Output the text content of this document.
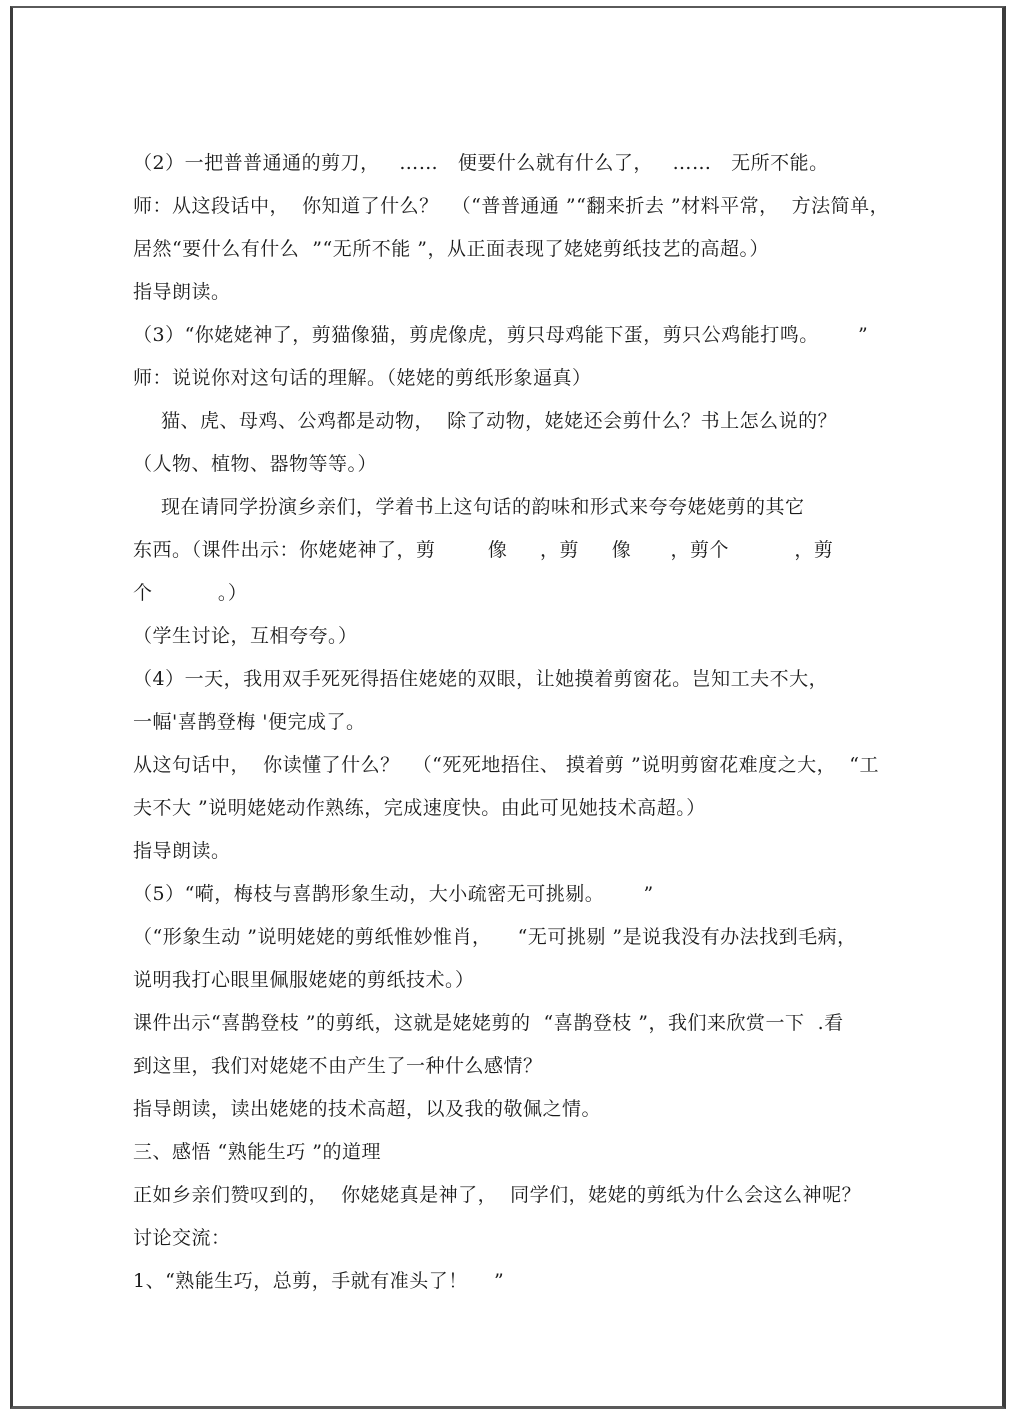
（2）一把普普通通的剪刀，   ……   便要什么就有什么了，   ……   无所不能。
师：从这段话中，  你知道了什么？  （“普普通通 ”“翻来折去 ”材料平常，  方法简单，
居然“要什么有什么  ”“无所不能 ”，从正面表现了姥姥剪纸技艺的高超。）
指导朗读。
（3）“你姥姥神了，剪猫像猫，剪虎像虎，剪只母鸡能下蛋，剪只公鸡能打鸣。      ”
师：说说你对这句话的理解。（姥姥的剪纸形象逼真）
猫、虎、母鸡、公鸡都是动物，  除了动物，姥姥还会剪什么？书上怎么说的？
（人物、植物、器物等等。）
现在请同学扮演乡亲们，学着书上这句话的韵味和形式来夸夸姥姥剪的其它
东西。（课件出示：你姥姥神了，剪        像     ，剪     像      ，剪个          ，剪
个          。）
（学生讨论，互相夸夸。）
（4）一天，我用双手死死得捂住姥姥的双眼，让她摸着剪窗花。岂知工夫不大，
一幅'喜鹊登梅 '便完成了。
从这句话中，  你读懂了什么？  （“死死地捂住、 摸着剪 ”说明剪窗花难度之大，  “工
夫不大 ”说明姥姥动作熟练，完成速度快。由此可见她技术高超。）
指导朗读。
（5）“嗬，梅枝与喜鹊形象生动，大小疏密无可挑剔。      ”
（“形象生动 ”说明姥姥的剪纸惟妙惟肖，    “无可挑剔 ”是说我没有办法找到毛病，
说明我打心眼里佩服姥姥的剪纸技术。）
课件出示“喜鹊登枝 ”的剪纸，这就是姥姥剪的  “喜鹊登枝 ”，我们来欣赏一下  .看
到这里，我们对姥姥不由产生了一种什么感情？
指导朗读，读出姥姥的技术高超，以及我的敬佩之情。
三、感悟 “熟能生巧 ”的道理
正如乡亲们赞叹到的，  你姥姥真是神了，  同学们，姥姥的剪纸为什么会这么神呢？
讨论交流：
1、“熟能生巧，总剪，手就有准头了！    ”
